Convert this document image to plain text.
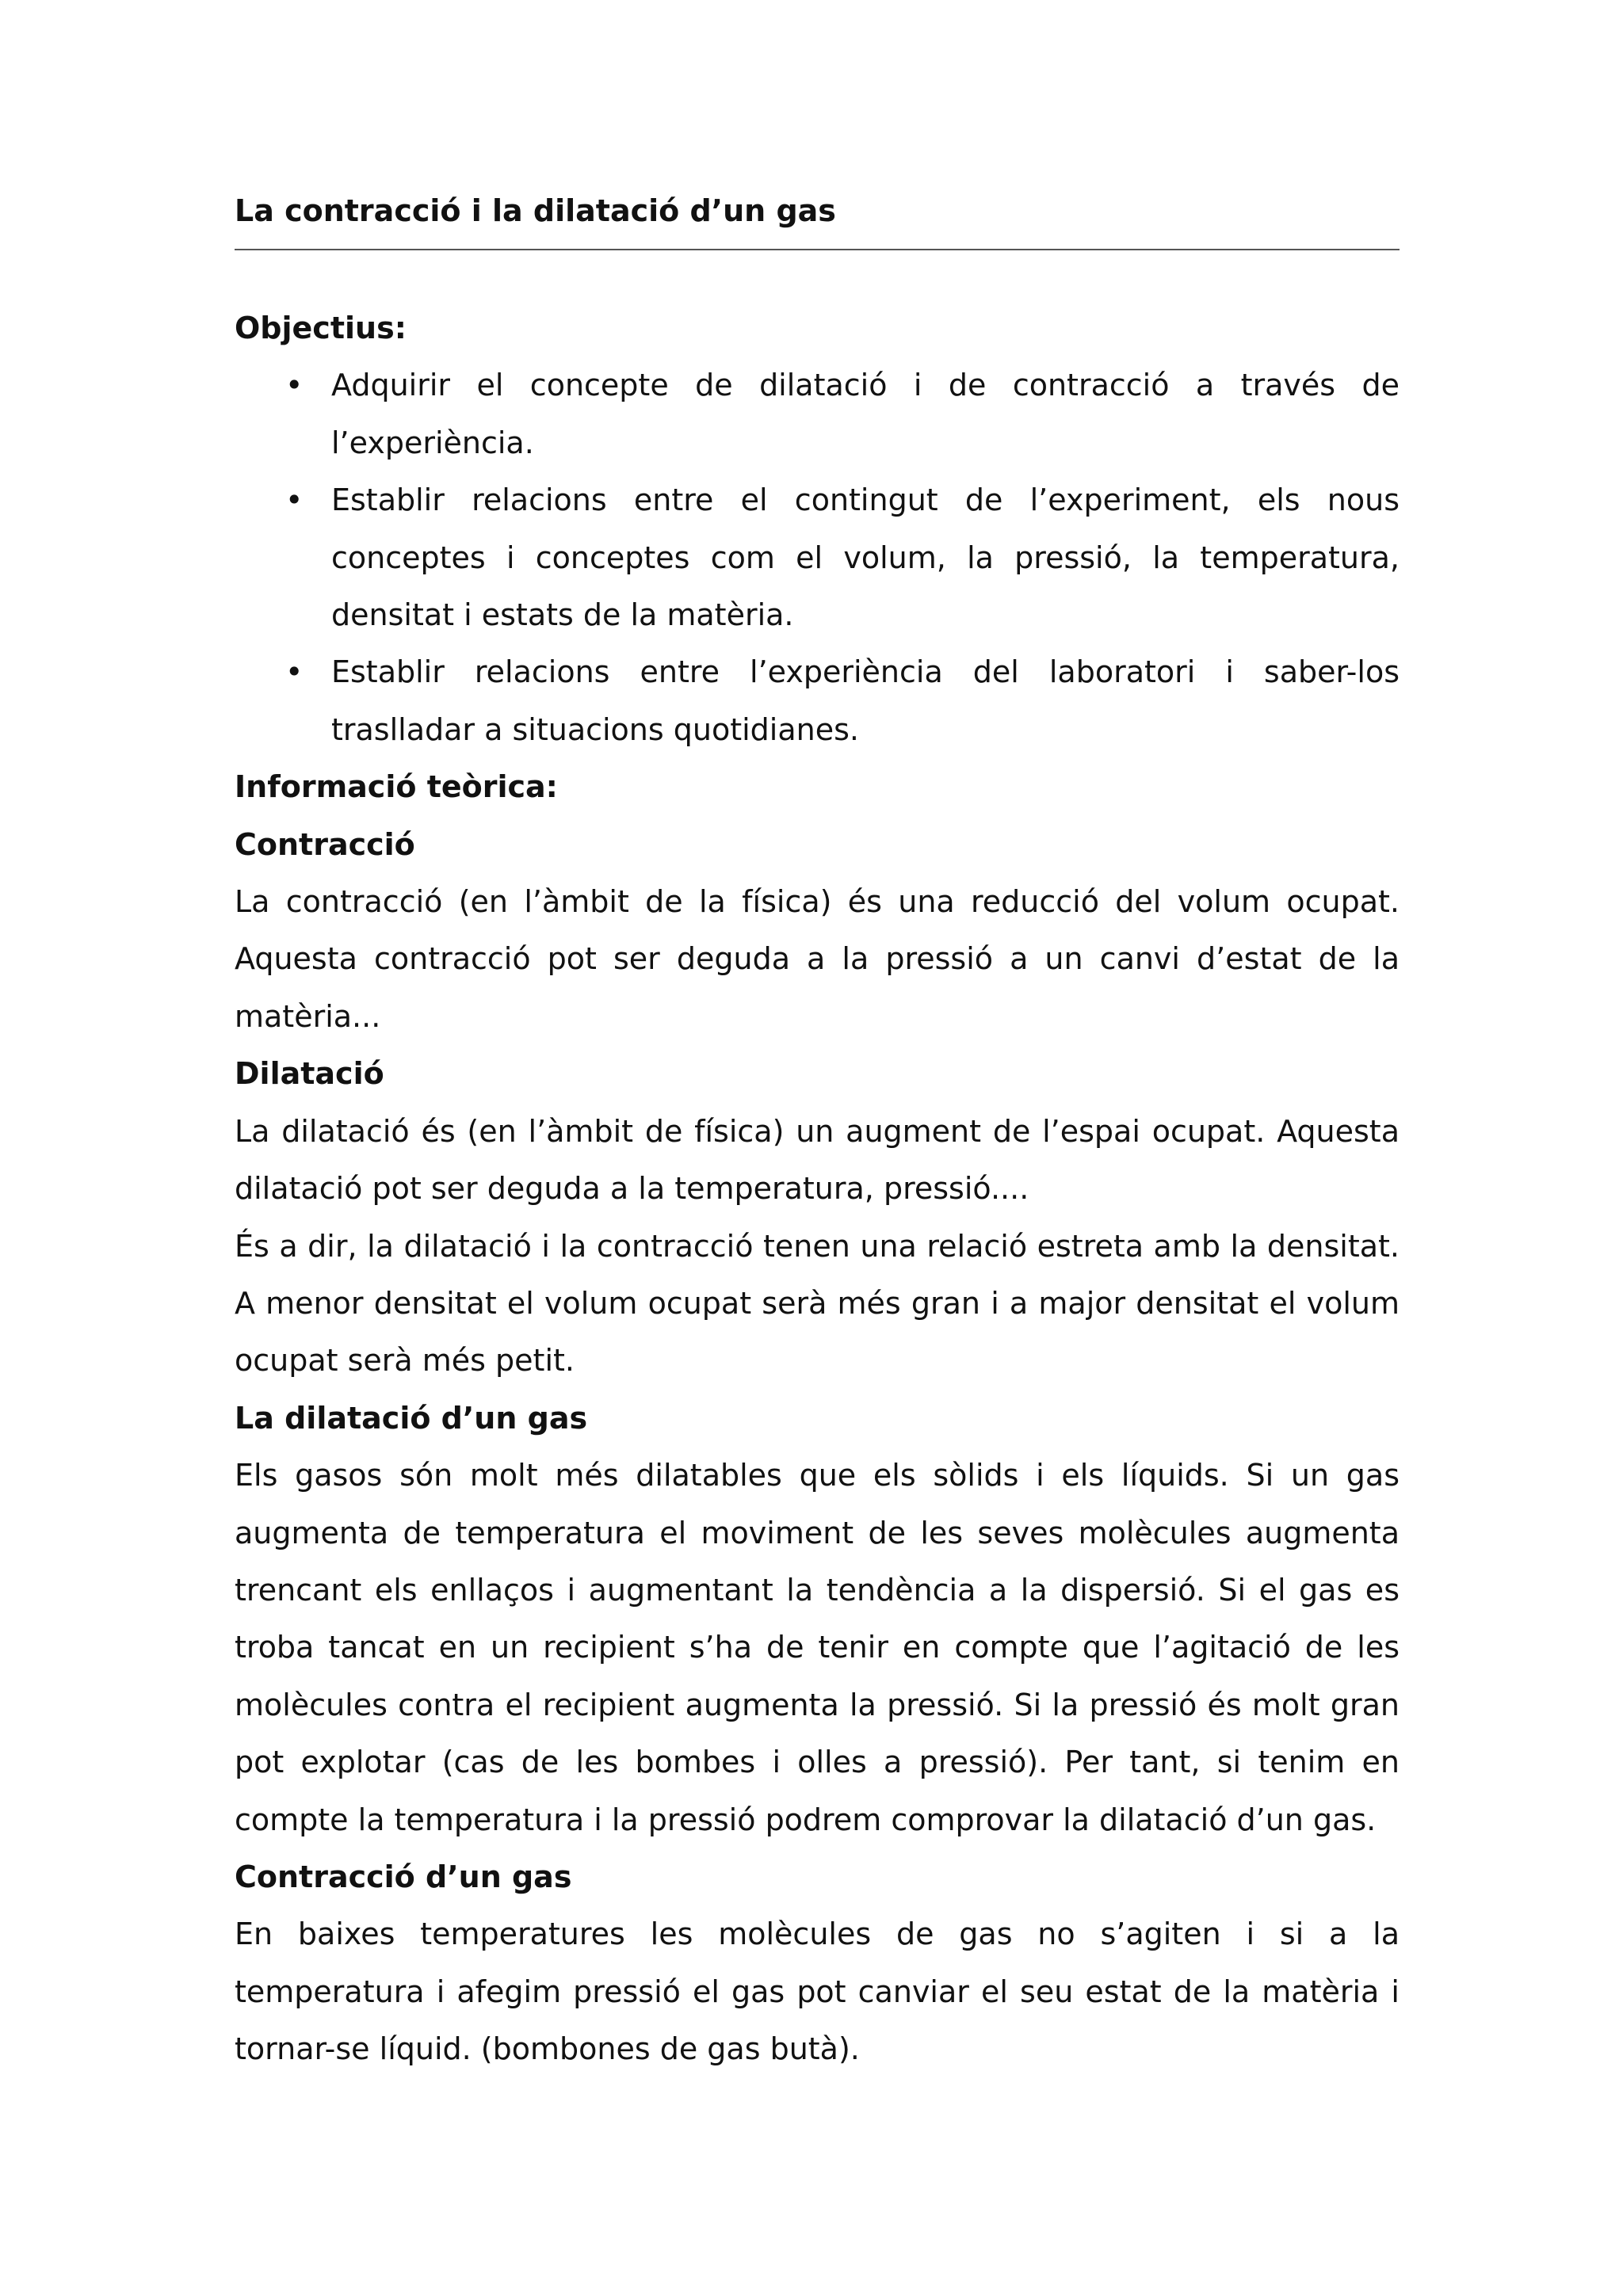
La contracció i la dilatació d’un gas

Objectius:

• Adquirir el concepte de dilatació i de contracció a través de l’experiència.
• Establir relacions entre el contingut de l’experiment, els nous conceptes i conceptes com el volum, la pressió, la temperatura, densitat i estats de la matèria.
• Establir relacions entre l’experiència del laboratori i saber-los traslladar a situacions quotidianes.

Informació teòrica:

Contracció

La contracció (en l’àmbit de la física) és una reducció del volum ocupat. Aquesta contracció pot ser deguda a la pressió a un canvi d’estat de la matèria...

Dilatació

La dilatació és (en l’àmbit de física) un augment de l’espai ocupat. Aquesta dilatació pot ser deguda a la temperatura, pressió....

És a dir, la dilatació i la contracció tenen una relació estreta amb la densitat. A menor densitat el volum ocupat serà més gran i a major densitat el volum ocupat serà més petit.

La dilatació d’un gas

Els gasos són molt més dilatables que els sòlids i els líquids. Si un gas augmenta de temperatura el moviment de les seves molècules augmenta trencant els enllaços i augmentant la tendència a la dispersió. Si el gas es troba tancat en un recipient s’ha de tenir en compte que l’agitació de les molècules contra el recipient augmenta la pressió. Si la pressió és molt gran pot explotar (cas de les bombes i olles a pressió). Per tant, si tenim en compte la temperatura i la pressió podrem comprovar la dilatació d’un gas.

Contracció d’un gas

En baixes temperatures les molècules de gas no s’agiten i si a la temperatura i afegim pressió el gas pot canviar el seu estat de la matèria i tornar-se líquid. (bombones de gas butà).
